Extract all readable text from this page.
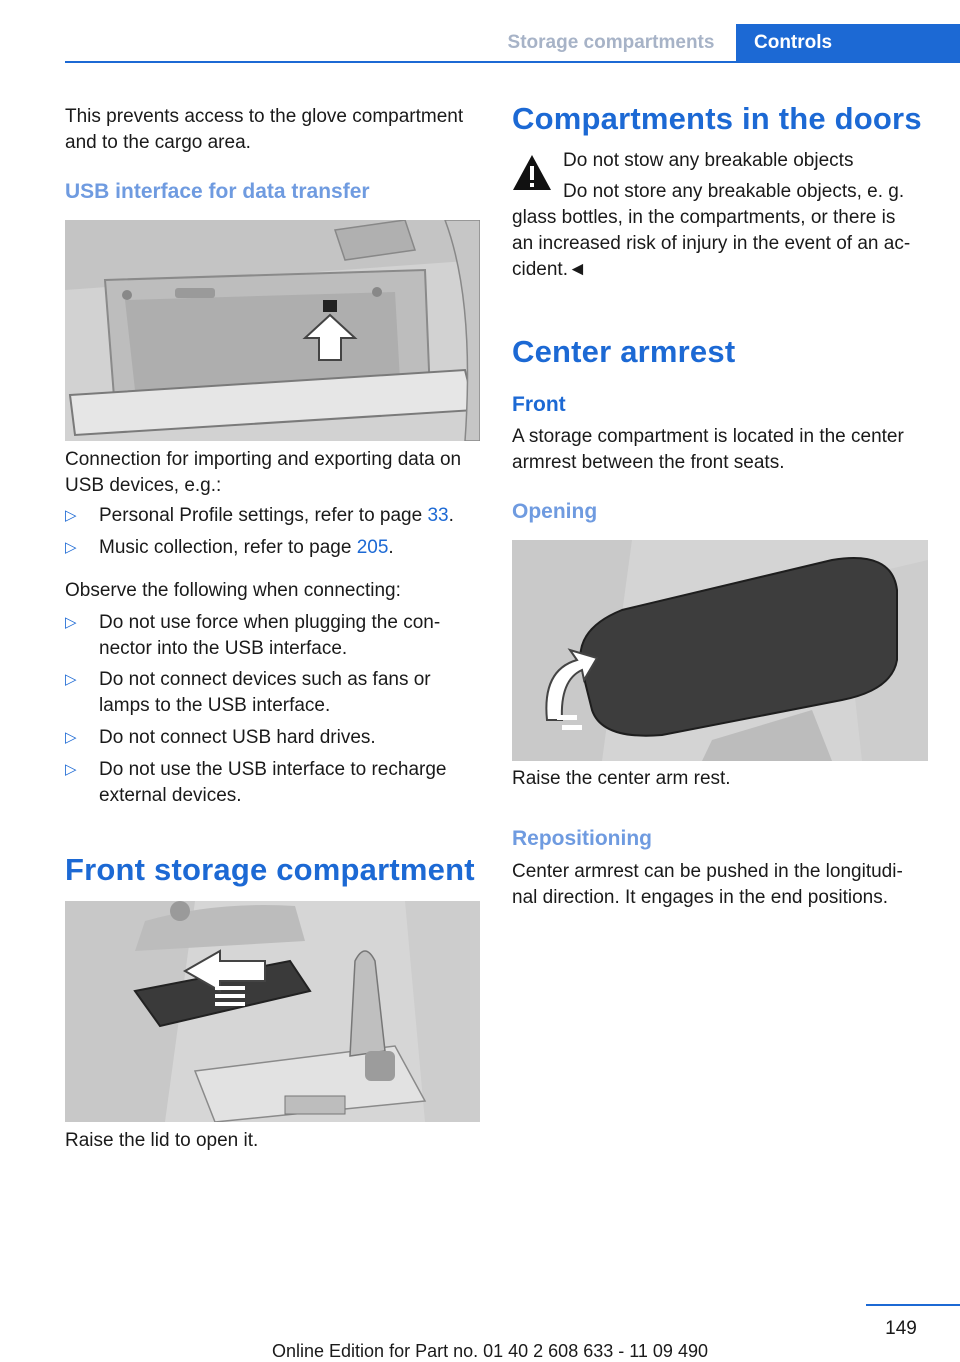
Storage compartments	Controls

This prevents access to the glove compartment and to the cargo area.

USB interface for data transfer

Connection for importing and exporting data on USB devices, e.g.:

▷ Personal Profile settings, refer to page 33.
▷ Music collection, refer to page 205.

Observe the following when connecting:

▷ Do not use force when plugging the con-
nector into the USB interface.
▷ Do not connect devices such as fans or
lamps to the USB interface.
▷ Do not connect USB hard drives.
▷ Do not use the USB interface to recharge
external devices.
Front storage compartment

Raise the lid to open it.

Compartments in the doors

Do not stow any breakable objects

Do not store any breakable objects, e. g.

glass bottles, in the compartments, or there is

an increased risk of injury in the event of an ac-

cident.◄

Center armrest
Front

A storage compartment is located in the center

armrest between the front seats.

Opening

Raise the center arm rest.

Repositioning

Center armrest can be pushed in the longitudi-

nal direction. It engages in the end positions.

149
Online Edition for Part no. 01 40 2 608 633 - 11 09 490
